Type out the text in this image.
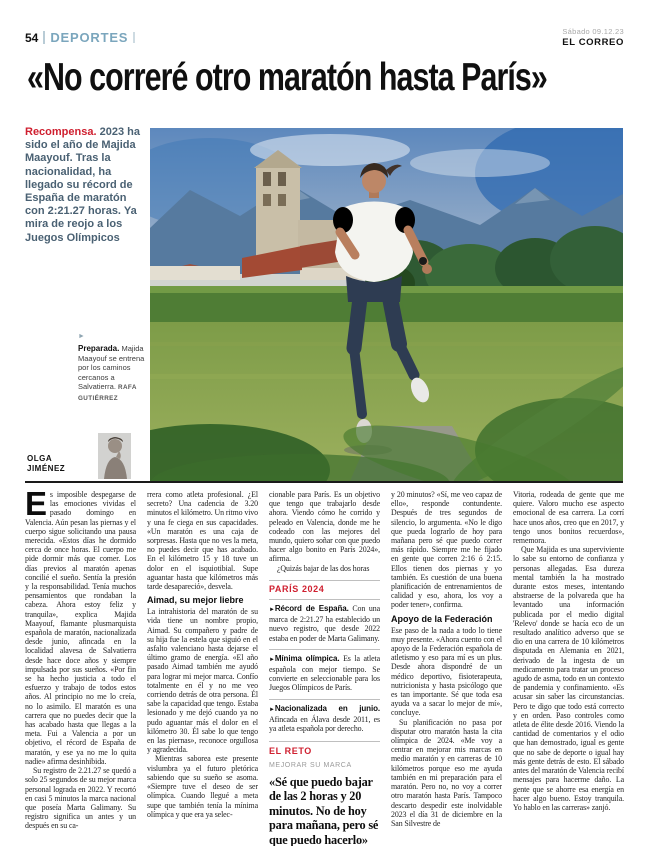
54 DEPORTES	Sábado 09.12.23
EL CORREO
«No correré otro maratón hasta París»
Recompensa. 2023 ha sido el año de Majida Maayouf. Tras la nacionalidad, ha llegado su récord de España de maratón con 2:21.27 horas. Ya mira de reojo a los Juegos Olímpicos
►
Preparada. Majida Maayouf se entrena por los caminos cercanos a Salvatierra. RAFA GUTIÉRREZ
OLGA
JIMÉNEZ

Es imposible despegarse de las emociones vividas el pasado domingo en Valencia. Aún pesan las piernas y el cuerpo sigue solicitando una pausa merecida. «Estos días he dormido cerca de once horas. El cuerpo me pide dormir más que comer. Los días previos al maratón apenas concilié el sueño. Sentía la presión y la responsabilidad. Tenía muchos pensamientos que rondaban la cabeza. Ahora estoy feliz y tranquila», explica Majida Maayouf, flamante plusmarquista española de maratón, nacionalizada desde junio, afincada en la localidad alavesa de Salvatierra desde hace doce años y siempre impulsada por sus sueños. «Por fin se ha hecho justicia a todo el esfuerzo y trabajo de todos estos años. Al principio no me lo creía, no lo asimilo. El maratón es una carrera que no puedes decir que la has acabado hasta que llegas a la meta. Fui a Valencia a por un objetivo, el récord de España de maratón, y ese ya no me lo quita nadie» afirma desinhibida.

Su registro de 2.21.27 se quedó a solo 25 segundos de su mejor marca personal lograda en 2022. Y recortó en casi 5 minutos la marca nacional que poseía Marta Galimany. Su registro significa un antes y un después en su ca-

rrera como atleta profesional. ¿El secreto? Una cadencia de 3.20 minutos el kilómetro. Un ritmo vivo y una fe ciega en sus capacidades. «Un maratón es una caja de sorpresas. Hasta que no ves la meta, no puedes decir que has acabado. En el kilómetro 15 y 18 tuve un dolor en el isquiotibial. Supe aguantar hasta que kilómetros más tarde desapareció», desvela.

Aimad, su mejor liebre

La intrahistoria del maratón de su vida tiene un nombre propio, Aimad. Su compañero y padre de su hija fue la estela que siguió en el asfalto valenciano hasta dejarse el último gramo de energía. «El año pasado Aimad también me ayudó para lograr mi mejor marca. Confío totalmente en él y no me veo corriendo detrás de otra persona. Él sabe la capacidad que tengo. Estaba lesionado y me dejó cuando ya no pudo aguantar más el dolor en el kilómetro 30. Él sabe lo que tengo en las piernas», reconoce orgullosa y agradecida.

Mientras saborea este presente vislumbra ya el futuro pletórica sabiendo que su sueño se asoma. «Siempre tuve el deseo de ser olímpica. Cuando llegué a meta supe que también tenía la mínima olímpica y que era ya selec-

cionable para París. Es un objetivo que tengo que trabajarlo desde ahora. Viendo cómo he corrido y peleado en Valencia, donde me he codeado con las mejores del mundo, quiero soñar con que puedo hacer algo bonito en París 2024», afirma.

¿Quizás bajar de las dos horas

PARÍS 2024
►Récord de España. Con una marca de 2:21.27 ha establecido un nuevo registro, que desde 2022 estaba en poder de Marta Galimany.
►Mínima olímpica. Es la atleta española con mejor tiempo. Se convierte en seleccionable para los Juegos Olímpicos de París.
►Nacionalizada en junio. Afincada en Álava desde 2011, es ya atleta española por derecho.
EL RETO
MEJORAR SU MARCA
«Sé que puedo bajar de las 2 horas y 20 minutos. No de hoy para mañana, pero sé que puedo hacerlo»

y 20 minutos? «Sí, me veo capaz de ello», responde contundente. Después de tres segundos de silencio, lo argumenta. «No le digo que pueda lograrlo de hoy para mañana pero sé que puedo correr más rápido. Siempre me he fijado en gente que corren 2:16 ó 2:15. Ellos tienen dos piernas y yo también. Es cuestión de una buena planificación de entrenamientos de calidad y eso, ahora, los voy a poder tener», confirma.

Apoyo de la Federación

Ese paso de la nada a todo lo tiene muy presente. «Ahora cuento con el apoyo de la Federación española de atletismo y eso para mí es un plus. Desde ahora dispondré de un médico deportivo, fisioterapeuta, nutricionista y hasta psicólogo que es tan importante. Sé que toda esa ayuda va a sacar lo mejor de mí», concluye.

Su planificación no pasa por disputar otro maratón hasta la cita olímpica de 2024. «Me voy a centrar en mejorar mis marcas en medio maratón y en carreras de 10 kilómetros porque eso me ayuda también en mi preparación para el maratón. Pero no, no voy a correr otro maratón hasta París. Tampoco descarto despedir este inolvidable 2023 el día 31 de diciembre en la San Silvestre de

Vitoria, rodeada de gente que me quiere. Valoro mucho ese aspecto emocional de esa carrera. La corrí hace unos años, creo que en 2017, y tengo unos bonitos recuerdos», rememora.

Que Majida es una superviviente lo sabe su entorno de confianza y personas allegadas. Esa dureza mental también la ha mostrado durante estos meses, intentando abstraerse de la polvareda que ha levantado una información publicada por el medio digital 'Relevo' donde se hacía eco de un resultado analítico adverso que se dio en una carrera de 10 kilómetros disputada en Alemania en 2021, derivado de la ingesta de un medicamento para tratar un proceso agudo de asma, todo en un contexto de pandemia y confinamiento. «Es acusar sin saber las circunstancias. Pero te digo que todo está correcto y en orden. Paso controles como atleta de élite desde 2016. Viendo la cantidad de comentarios y el odio que han demostrado, igual es gente que no sabe de deporte o igual hay más gente detrás de esto. El sábado antes del maratón de Valencia recibí mensajes para hacerme daño. La gente que se ahorre esa energía en hacer algo bueno. Estoy tranquila. Yo hablo en las carreras» zanjó.
